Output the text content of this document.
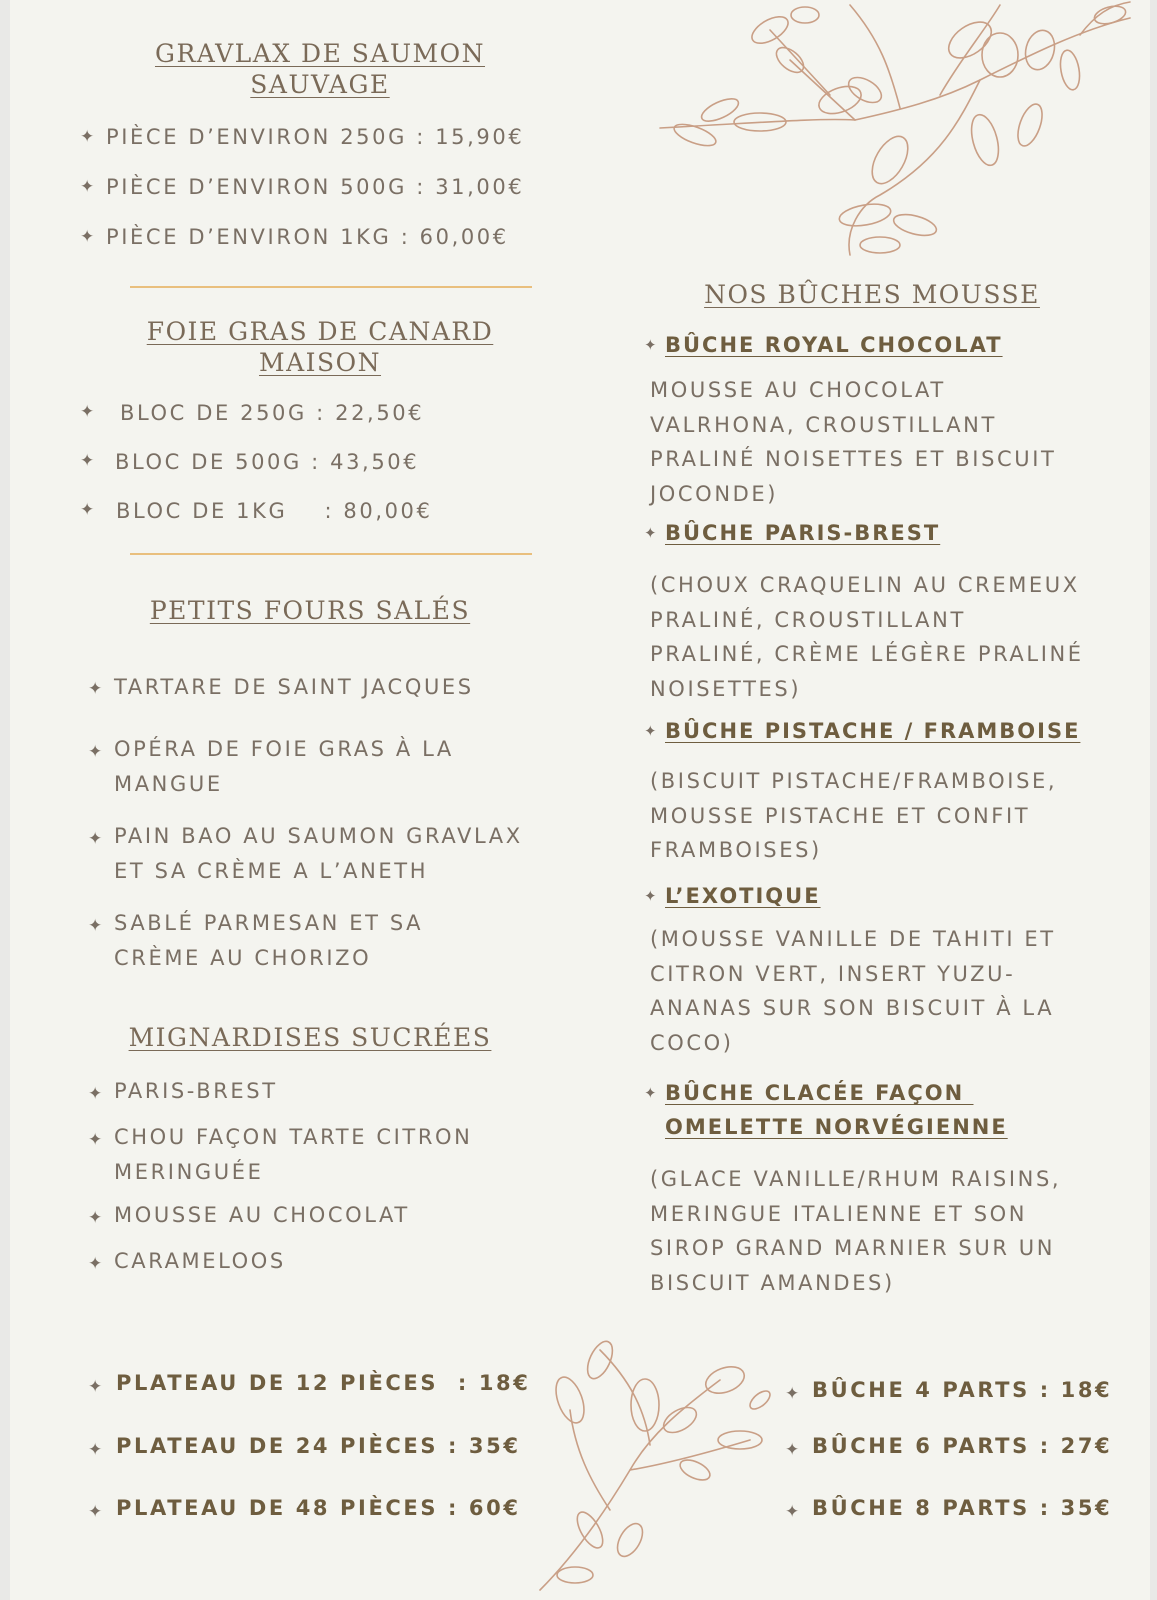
GRAVLAX DE SAUMON
SAUVAGE
✦ PIÈCE D’ENVIRON 250G : 15,90€
✦ PIÈCE D’ENVIRON 500G : 31,00€
✦ PIÈCE D’ENVIRON 1KG : 60,00€
FOIE GRAS DE CANARD
MAISON
✦ BLOC DE 250G : 22,50€
✦ BLOC DE 500G : 43,50€
✦ BLOC DE 1KG    : 80,00€
PETITS FOURS SALÉS
✦ TARTARE DE SAINT JACQUES
✦ OPÉRA DE FOIE GRAS À LA
MANGUE
✦ PAIN BAO AU SAUMON GRAVLAX
ET SA CRÈME A L’ANETH
✦ SABLÉ PARMESAN ET SA
CRÈME AU CHORIZO
MIGNARDISES SUCRÉES
✦ PARIS-BREST
✦ CHOU FAÇON TARTE CITRON
MERINGUÉE
✦ MOUSSE AU CHOCOLAT
✦ CARAMELOOS
NOS BÛCHES MOUSSE
✦ BÛCHE ROYAL CHOCOLAT
MOUSSE AU CHOCOLAT
VALRHONA, CROUSTILLANT
PRALINÉ NOISETTES ET BISCUIT
JOCONDE)
✦ BÛCHE PARIS-BREST
(CHOUX CRAQUELIN AU CREMEUX
PRALINÉ, CROUSTILLANT
PRALINÉ, CRÈME LÉGÈRE PRALINÉ
NOISETTES)
✦ BÛCHE PISTACHE / FRAMBOISE
(BISCUIT PISTACHE/FRAMBOISE,
MOUSSE PISTACHE ET CONFIT
FRAMBOISES)
✦ L’EXOTIQUE
(MOUSSE VANILLE DE TAHITI ET
CITRON VERT, INSERT YUZU-
ANANAS SUR SON BISCUIT À LA
COCO)
✦ BÛCHE CLACÉE FAÇON
OMELETTE NORVÉGIENNE
(GLACE VANILLE/RHUM RAISINS,
MERINGUE ITALIENNE ET SON
SIROP GRAND MARNIER SUR UN
BISCUIT AMANDES)
✦ PLATEAU DE 12 PIÈCES  : 18€
✦ PLATEAU DE 24 PIÈCES : 35€
✦ PLATEAU DE 48 PIÈCES : 60€
✦ BÛCHE 4 PARTS : 18€
✦ BÛCHE 6 PARTS : 27€
✦ BÛCHE 8 PARTS : 35€
